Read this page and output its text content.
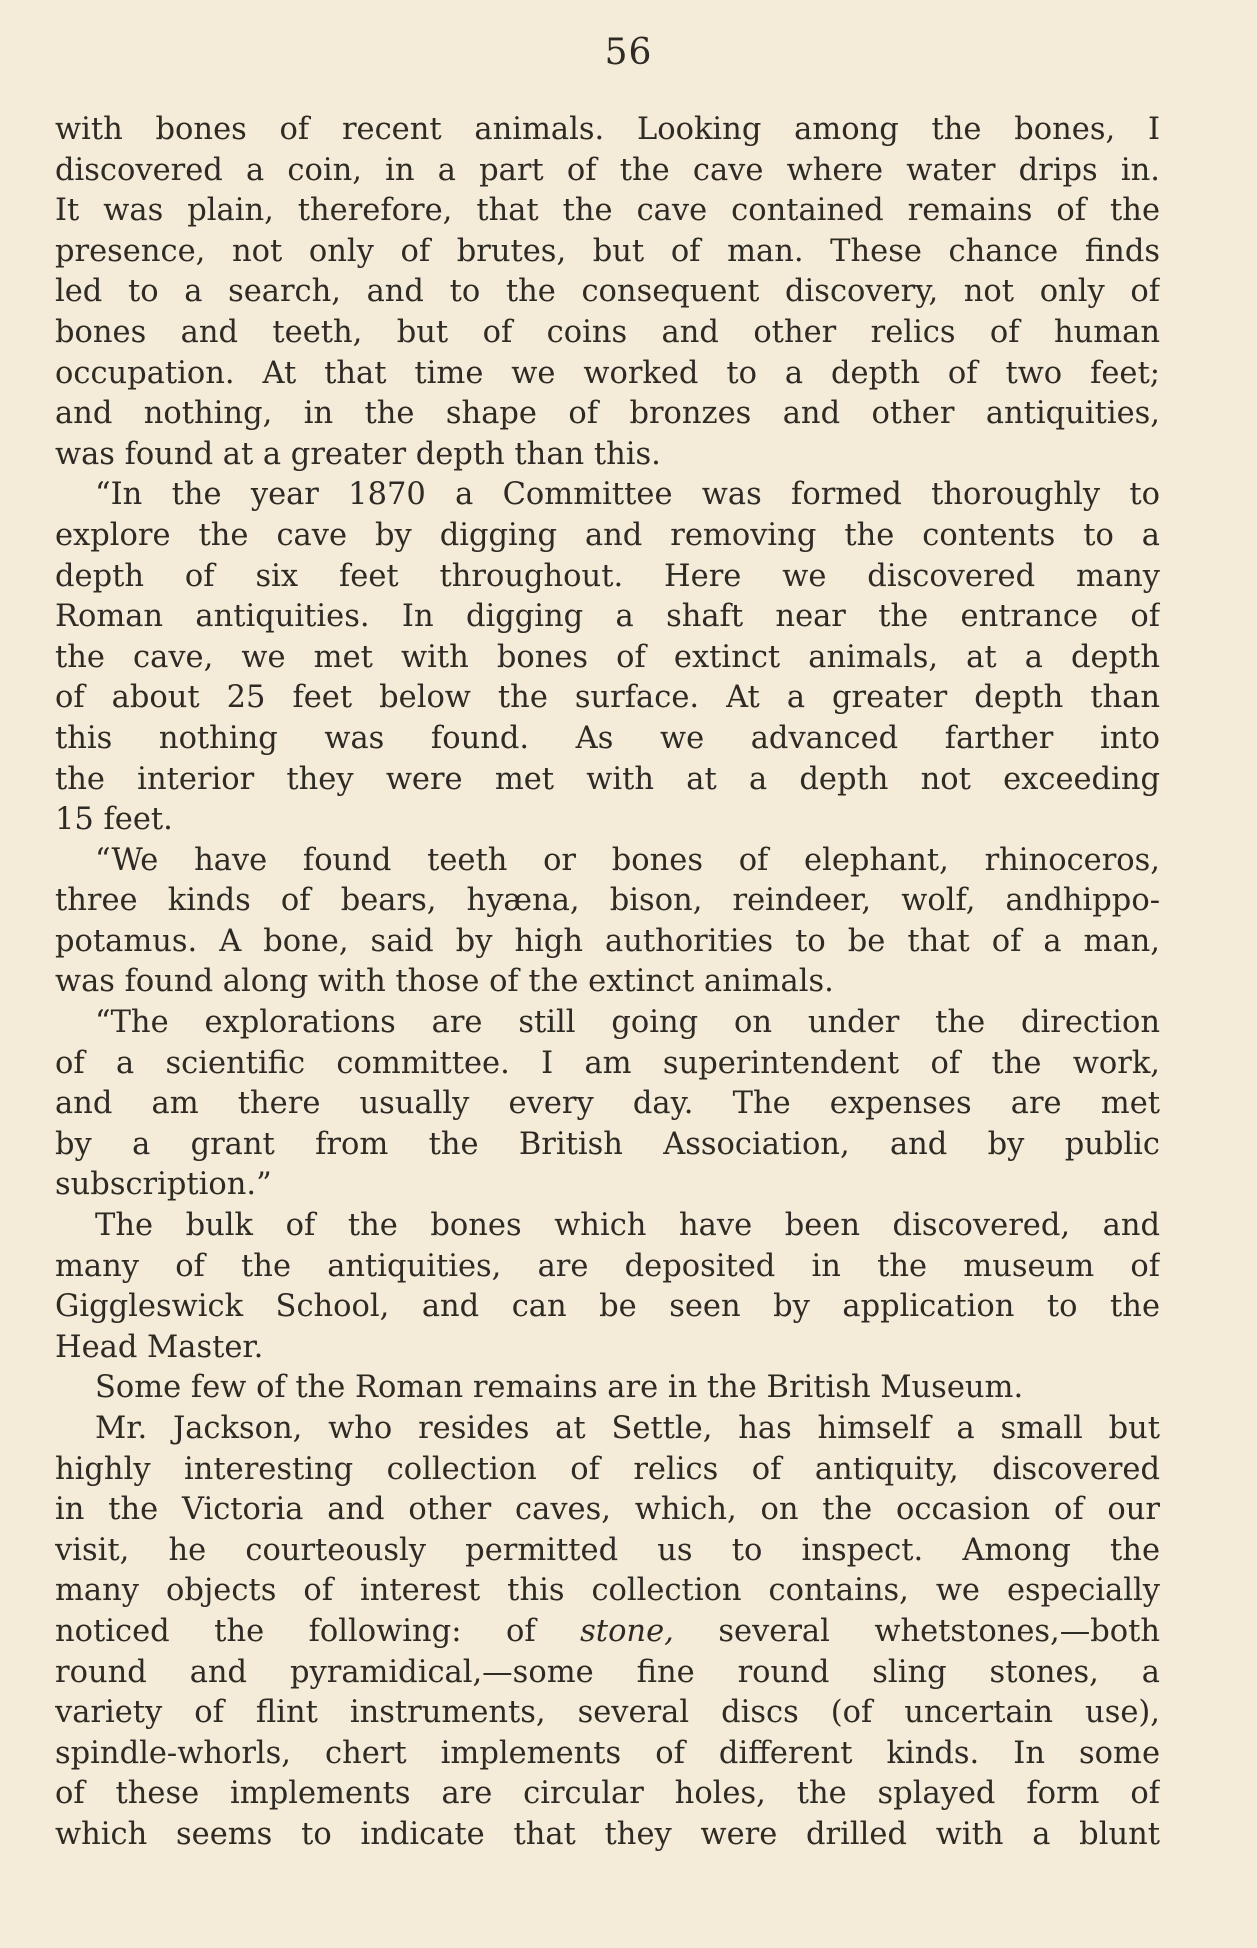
56
with bones of recent animals. Looking among the bones, I
discovered a coin, in a part of the cave where water drips in.
It was plain, therefore, that the cave contained remains of the
presence, not only of brutes, but of man. These chance finds
led to a search, and to the consequent discovery, not only of
bones and teeth, but of coins and other relics of human
occupation. At that time we worked to a depth of two feet;
and nothing, in the shape of bronzes and other antiquities,
was found at a greater depth than this.
“In the year 1870 a Committee was formed thoroughly to
explore the cave by digging and removing the contents to a
depth of six feet throughout. Here we discovered many
Roman antiquities. In digging a shaft near the entrance of
the cave, we met with bones of extinct animals, at a depth
of about 25 feet below the surface. At a greater depth than
this nothing was found. As we advanced farther into
the interior they were met with at a depth not exceeding
15 feet.
“We have found teeth or bones of elephant, rhinoceros,
three kinds of bears, hyæna, bison, reindeer, wolf, andhippo-
potamus. A bone, said by high authorities to be that of a man,
was found along with those of the extinct animals.
“The explorations are still going on under the direction
of a scientific committee. I am superintendent of the work,
and am there usually every day. The expenses are met
by a grant from the British Association, and by public
subscription.”
The bulk of the bones which have been discovered, and
many of the antiquities, are deposited in the museum of
Giggleswick School, and can be seen by application to the
Head Master.
Some few of the Roman remains are in the British Museum.
Mr. Jackson, who resides at Settle, has himself a small but
highly interesting collection of relics of antiquity, discovered
in the Victoria and other caves, which, on the occasion of our
visit, he courteously permitted us to inspect. Among the
many objects of interest this collection contains, we especially
noticed the following: of stone, several whetstones,—both
round and pyramidical,—some fine round sling stones, a
variety of flint instruments, several discs (of uncertain use),
spindle-whorls, chert implements of different kinds. In some
of these implements are circular holes, the splayed form of
which seems to indicate that they were drilled with a blunt
